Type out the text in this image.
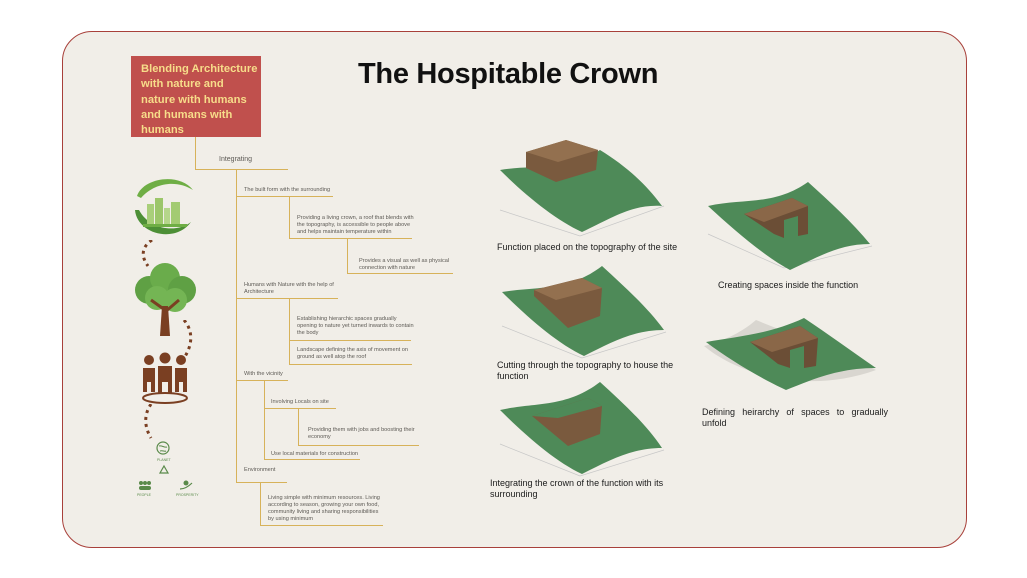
The Hospitable Crown
Blending Architecture with nature and nature with humans and humans with humans
Integrating
The built form with the surrounding
Providing a living crown, a roof that blends with the topography, is accessible to people above and helps maintain temperature within
Provides a visual as well as physical connection with nature
Humans with Nature with the help of Architecture
Establishing hierarchic spaces gradually opening to nature yet turned inwards to contain the body
Landscape defining the axis of movement on ground as well atop the roof
With the vicinity
Involving Locals on site
Providing them with jobs and boosting their economy
Use local materials for construction
Environment
Living simple with minimum resources. Living according to season, growing your own food, community living and sharing responsibilities by using minimum
PLANET
PEOPLE	PROSPERITY
Function placed on the topography of the site
Creating spaces inside the function
Cutting through the topography to house the function
Defining heirarchy of spaces to gradually unfold
Integrating the crown of the function with its surrounding
